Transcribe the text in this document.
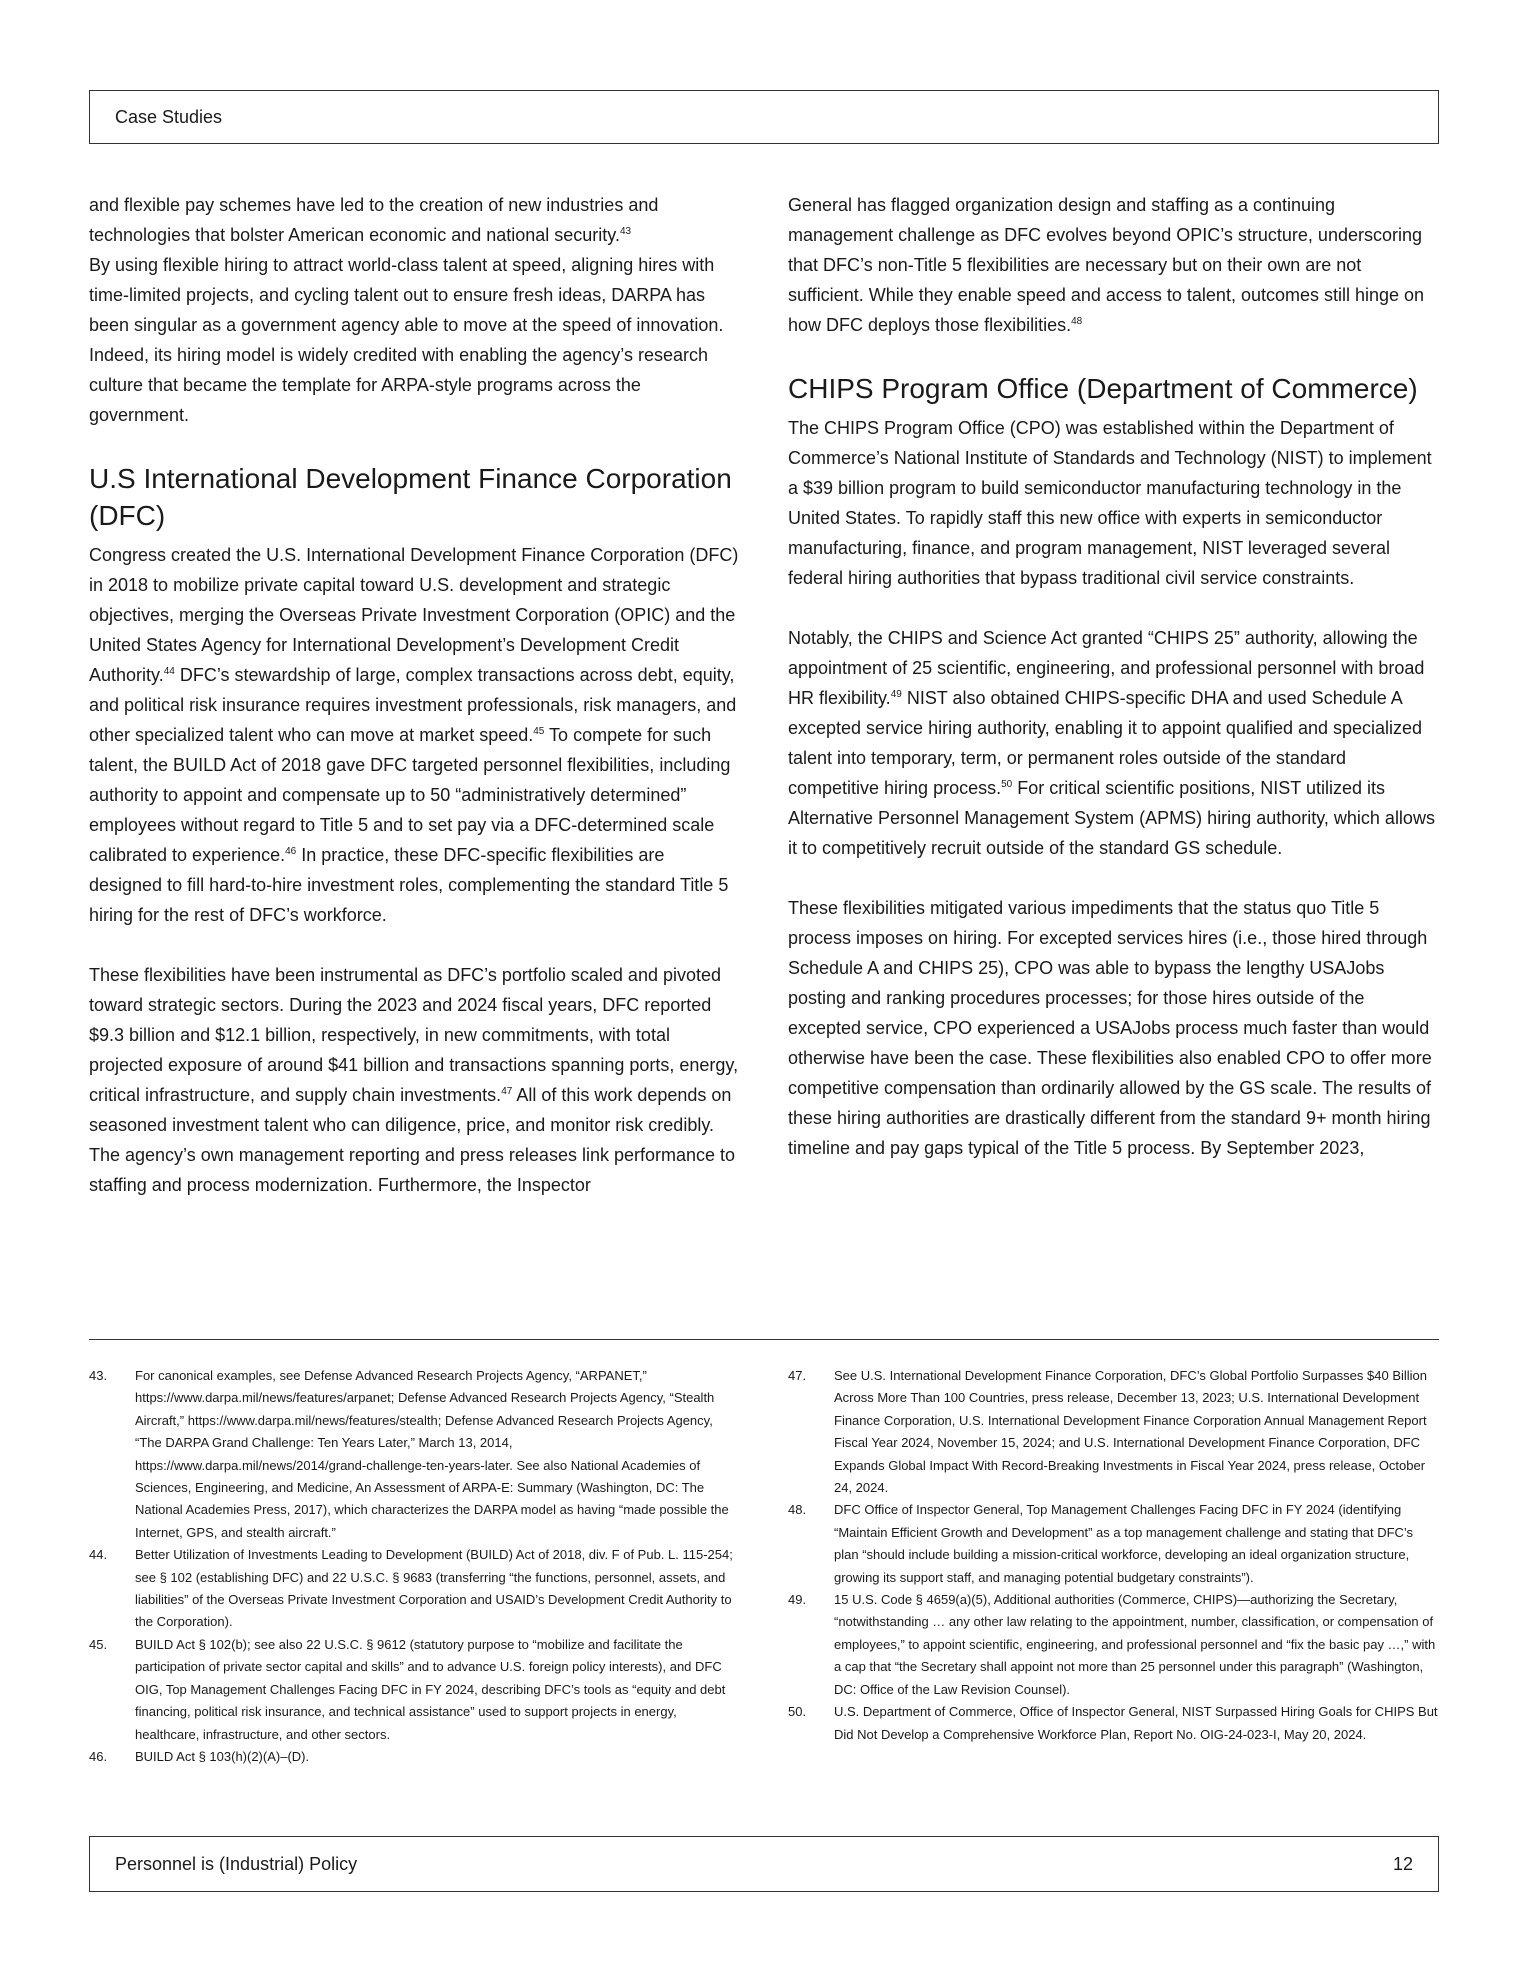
Case Studies

and flexible pay schemes have led to the creation of new industries and technologies that bolster American economic and national security.$^{43}$

By using flexible hiring to attract world-class talent at speed, aligning hires with time-limited projects, and cycling talent out to ensure fresh ideas, DARPA has been singular as a government agency able to move at the speed of innovation. Indeed, its hiring model is widely credited with enabling the agency’s research culture that became the template for ARPA-style programs across the government.

U.S International Development Finance Corporation (DFC)

Congress created the U.S. International Development Finance Corporation (DFC) in 2018 to mobilize private capital toward U.S. development and strategic objectives, merging the Overseas Private Investment Corporation (OPIC) and the United States Agency for International Development’s Development Credit Authority.$^{44}$ DFC’s stewardship of large, complex transactions across debt, equity, and political risk insurance requires investment professionals, risk managers, and other specialized talent who can move at market speed.$^{45}$ To compete for such talent, the BUILD Act of 2018 gave DFC targeted personnel flexibilities, including authority to appoint and compensate up to 50 “administratively determined” employees without regard to Title 5 and to set pay via a DFC-determined scale calibrated to experience.$^{46}$ In practice, these DFC-specific flexibilities are designed to fill hard-to-hire investment roles, complementing the standard Title 5 hiring for the rest of DFC’s workforce.

These flexibilities have been instrumental as DFC’s portfolio scaled and pivoted toward strategic sectors. During the 2023 and 2024 fiscal years, DFC reported $9.3 billion and $12.1 billion, respectively, in new commitments, with total projected exposure of around $41 billion and transactions spanning ports, energy, critical infrastructure, and supply chain investments.$^{47}$ All of this work depends on seasoned investment talent who can diligence, price, and monitor risk credibly. The agency’s own management reporting and press releases link performance to staffing and process modernization. Furthermore, the Inspector

General has flagged organization design and staffing as a continuing management challenge as DFC evolves beyond OPIC’s structure, underscoring that DFC’s non-Title 5 flexibilities are necessary but on their own are not sufficient. While they enable speed and access to talent, outcomes still hinge on how DFC deploys those flexibilities.$^{48}$

CHIPS Program Office (Department of Commerce)

The CHIPS Program Office (CPO) was established within the Department of Commerce’s National Institute of Standards and Technology (NIST) to implement a $39 billion program to build semiconductor manufacturing technology in the United States. To rapidly staff this new office with experts in semiconductor manufacturing, finance, and program management, NIST leveraged several federal hiring authorities that bypass traditional civil service constraints.

Notably, the CHIPS and Science Act granted “CHIPS 25” authority, allowing the appointment of 25 scientific, engineering, and professional personnel with broad HR flexibility.$^{49}$ NIST also obtained CHIPS-specific DHA and used Schedule A excepted service hiring authority, enabling it to appoint qualified and specialized talent into temporary, term, or permanent roles outside of the standard competitive hiring process.$^{50}$ For critical scientific positions, NIST utilized its Alternative Personnel Management System (APMS) hiring authority, which allows it to competitively recruit outside of the standard GS schedule.

These flexibilities mitigated various impediments that the status quo Title 5 process imposes on hiring. For excepted services hires (i.e., those hired through Schedule A and CHIPS 25), CPO was able to bypass the lengthy USAJobs posting and ranking procedures processes; for those hires outside of the excepted service, CPO experienced a USAJobs process much faster than would otherwise have been the case. These flexibilities also enabled CPO to offer more competitive compensation than ordinarily allowed by the GS scale. The results of these hiring authorities are drastically different from the standard 9+ month hiring timeline and pay gaps typical of the Title 5 process. By September 2023,

43.	For canonical examples, see Defense Advanced Research Projects Agency, “ARPANET,” https://www.darpa.mil/news/features/arpanet; Defense Advanced Research Projects Agency, “Stealth Aircraft,” https://www.darpa.mil/news/features/stealth; Defense Advanced Research Projects Agency, “The DARPA Grand Challenge: Ten Years Later,” March 13, 2014, https://www.darpa.mil/news/2014/grand-challenge-ten-years-later. See also National Academies of Sciences, Engineering, and Medicine, An Assessment of ARPA-E: Summary (Washington, DC: The National Academies Press, 2017), which characterizes the DARPA model as having “made possible the Internet, GPS, and stealth aircraft.”
44.	Better Utilization of Investments Leading to Development (BUILD) Act of 2018, div. F of Pub. L. 115-254; see § 102 (establishing DFC) and 22 U.S.C. § 9683 (transferring “the functions, personnel, assets, and liabilities” of the Overseas Private Investment Corporation and USAID’s Development Credit Authority to the Corporation).
45.	BUILD Act § 102(b); see also 22 U.S.C. § 9612 (statutory purpose to “mobilize and facilitate the participation of private sector capital and skills” and to advance U.S. foreign policy interests), and DFC OIG, Top Management Challenges Facing DFC in FY 2024, describing DFC’s tools as “equity and debt financing, political risk insurance, and technical assistance” used to support projects in energy, healthcare, infrastructure, and other sectors.
46.	BUILD Act § 103(h)(2)(A)–(D).
47.	See U.S. International Development Finance Corporation, DFC’s Global Portfolio Surpasses $40 Billion Across More Than 100 Countries, press release, December 13, 2023; U.S. International Development Finance Corporation, U.S. International Development Finance Corporation Annual Management Report Fiscal Year 2024, November 15, 2024; and U.S. International Development Finance Corporation, DFC Expands Global Impact With Record-Breaking Investments in Fiscal Year 2024, press release, October 24, 2024.
48.	DFC Office of Inspector General, Top Management Challenges Facing DFC in FY 2024 (identifying “Maintain Efficient Growth and Development” as a top management challenge and stating that DFC’s plan “should include building a mission-critical workforce, developing an ideal organization structure, growing its support staff, and managing potential budgetary constraints”).
49.	15 U.S. Code § 4659(a)(5), Additional authorities (Commerce, CHIPS)—authorizing the Secretary, “notwithstanding … any other law relating to the appointment, number, classification, or compensation of employees,” to appoint scientific, engineering, and professional personnel and “fix the basic pay …,” with a cap that “the Secretary shall appoint not more than 25 personnel under this paragraph” (Washington, DC: Office of the Law Revision Counsel).
50.	U.S. Department of Commerce, Office of Inspector General, NIST Surpassed Hiring Goals for CHIPS But Did Not Develop a Comprehensive Workforce Plan, Report No. OIG-24-023-I, May 20, 2024.
Personnel is (Industrial) Policy	12
